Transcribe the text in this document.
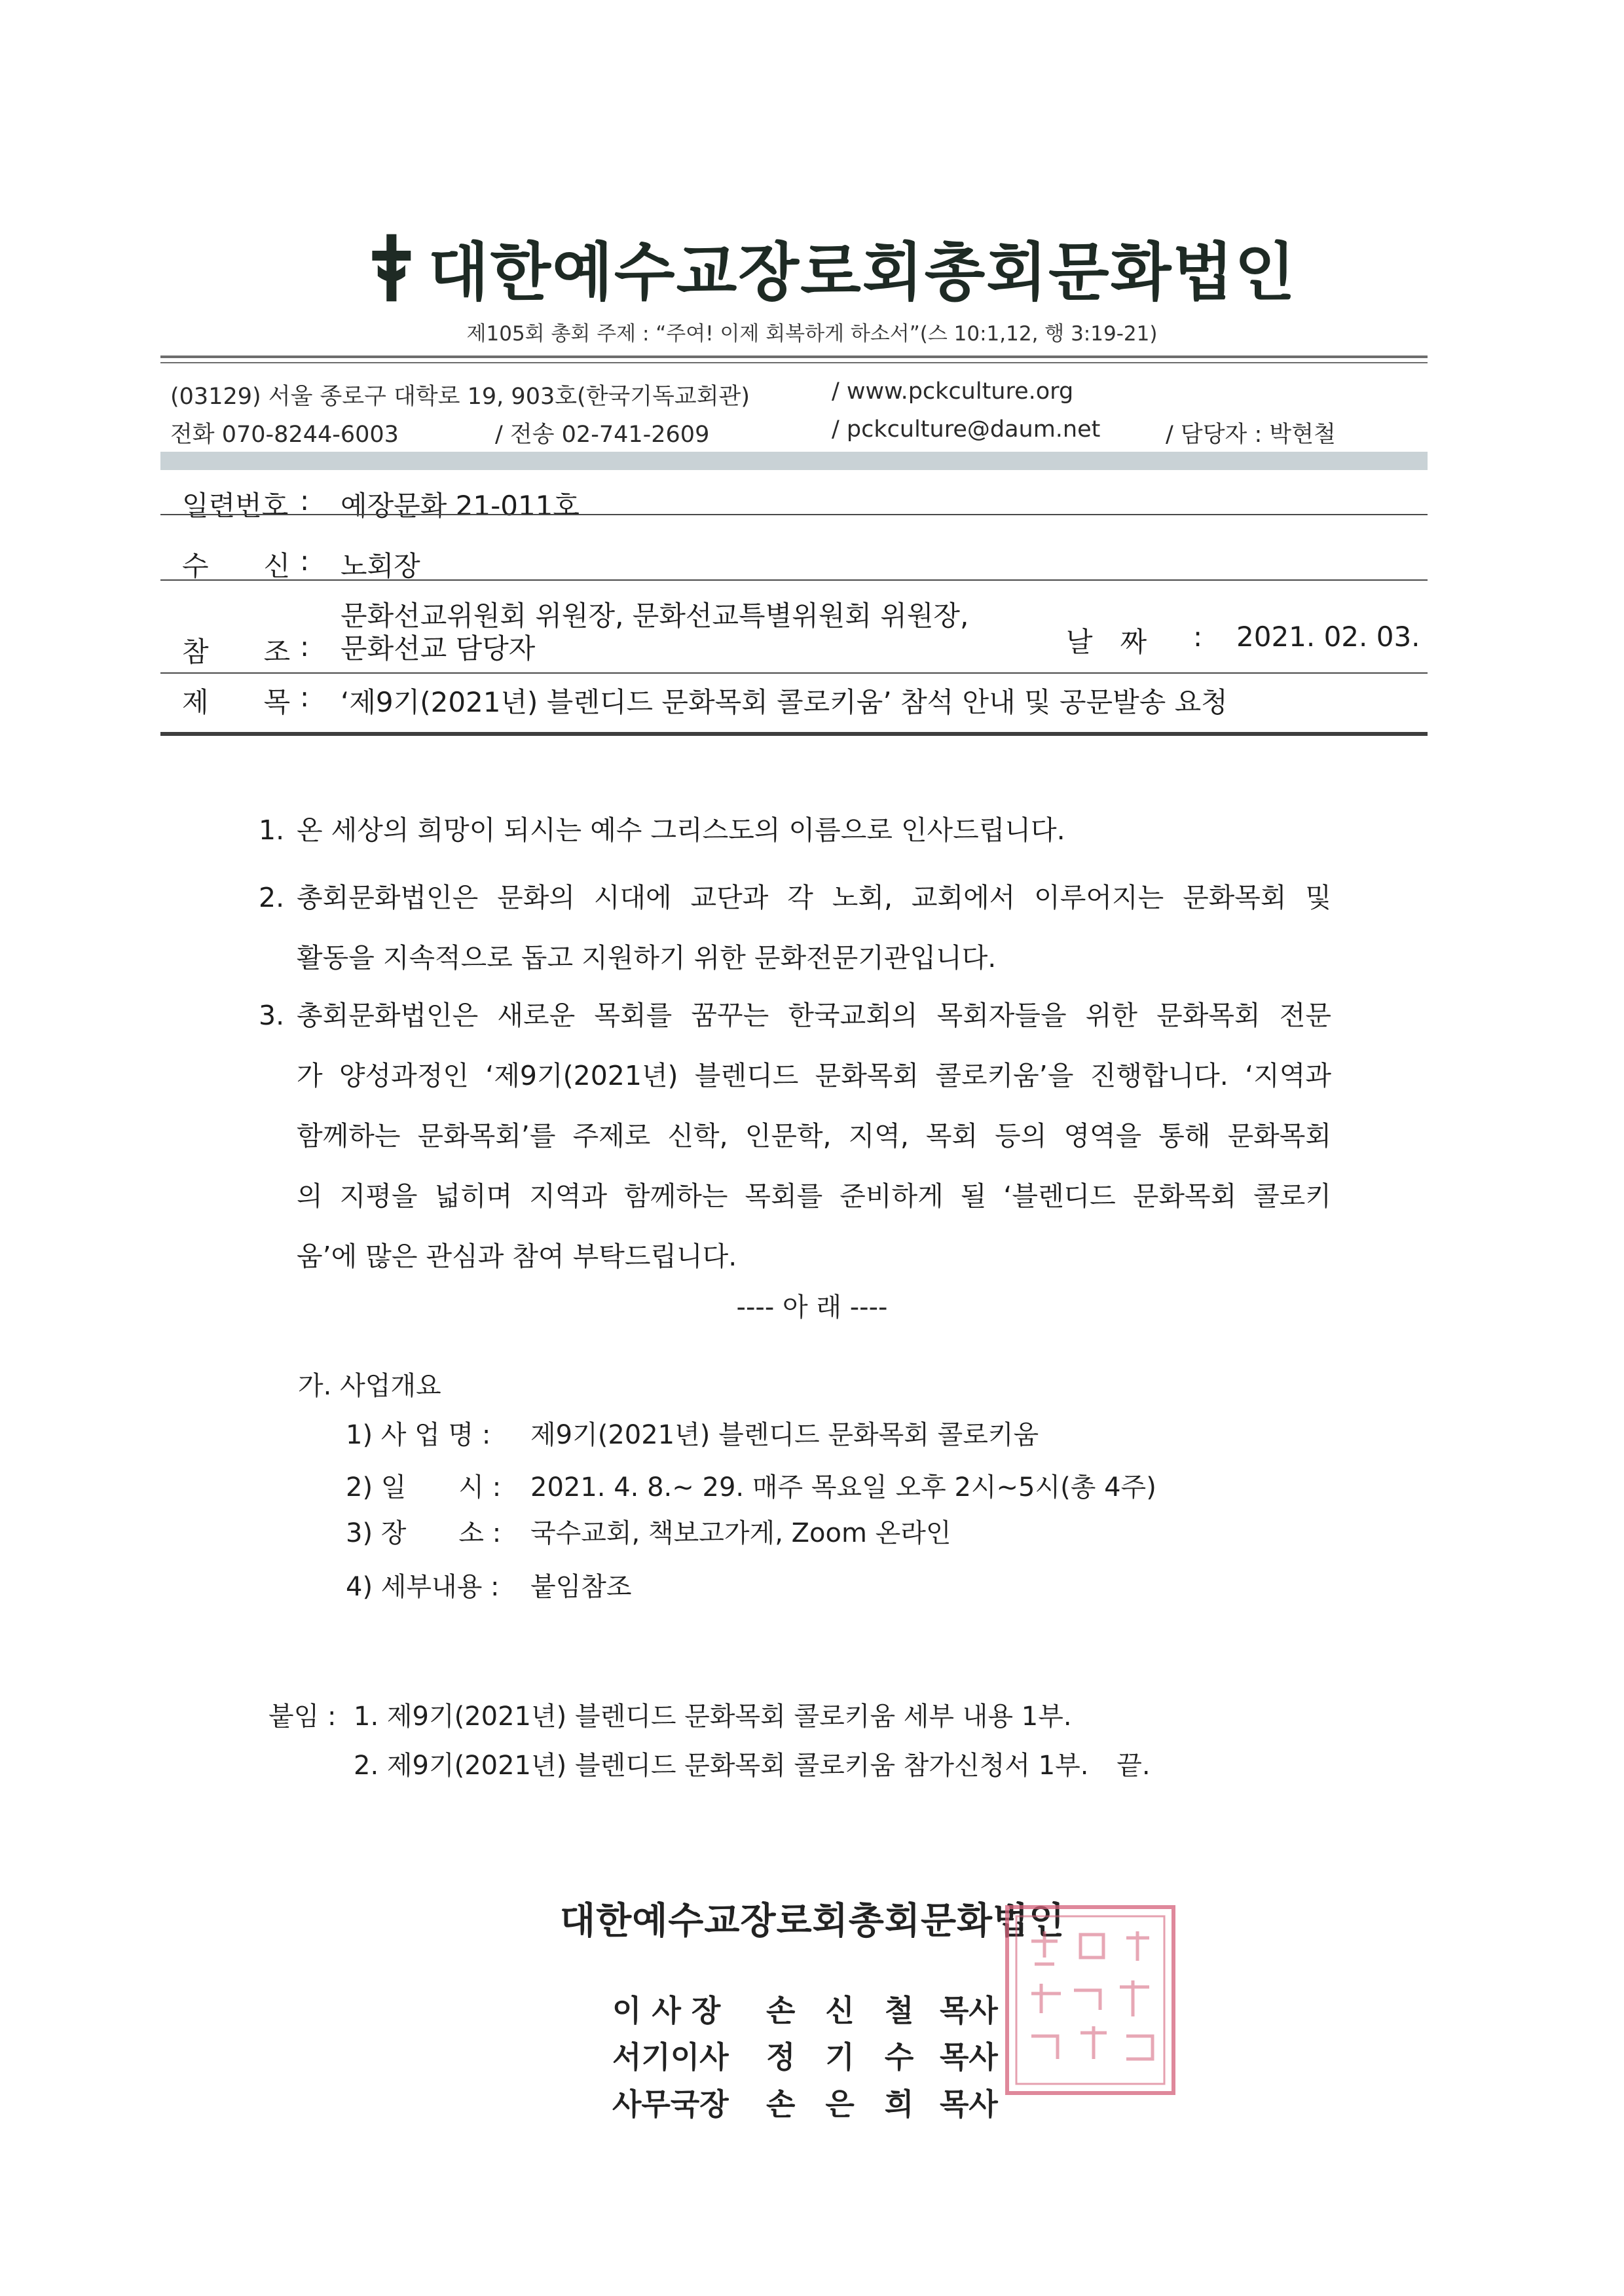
대한예수교장로회총회문화법인
제105회 총회 주제 : “주여! 이제 회복하게 하소서”(스 10:1,12, 행 3:19-21)
(03129) 서울 종로구 대학로 19, 903호(한국기독교회관)	/ www.pckculture.org
전화 070-8244-6003	/ 전송 02-741-2609	/ pckculture@daum.net	/ 담당자 : 박현철
일련번호 : 예장문화 21-011호
수　　신 : 노회장
참　　조 :
문화선교위원회 위원장, 문화선교특별위원회 위원장,
문화선교 담당자	날　짜 : 2021. 02. 03.
제　　목 : ‘제9기(2021년) 블렌디드 문화목회 콜로키움’ 참석 안내 및 공문발송 요청
1. 온 세상의 희망이 되시는 예수 그리스도의 이름으로 인사드립니다.
2. 총회문화법인은 문화의 시대에 교단과 각 노회, 교회에서 이루어지는 문화목회 및
활동을 지속적으로 돕고 지원하기 위한 문화전문기관입니다.
3. 총회문화법인은 새로운 목회를 꿈꾸는 한국교회의 목회자들을 위한 문화목회 전문
가 양성과정인 ‘제9기(2021년) 블렌디드 문화목회 콜로키움’을 진행합니다. ‘지역과
함께하는 문화목회’를 주제로 신학, 인문학, 지역, 목회 등의 영역을 통해 문화목회
의 지평을 넓히며 지역과 함께하는 목회를 준비하게 될 ‘블렌디드 문화목회 콜로키
움’에 많은 관심과 참여 부탁드립니다.
---- 아 래 ----
가. 사업개요
1) 사 업 명 : 제9기(2021년) 블렌디드 문화목회 콜로키움
2) 일　　시 : 2021. 4. 8.~ 29. 매주 목요일 오후 2시~5시(총 4주)
3) 장　　소 : 국수교회, 책보고가게, Zoom 온라인
4) 세부내용 : 붙임참조
붙임 : 1. 제9기(2021년) 블렌디드 문화목회 콜로키움 세부 내용 1부.
2. 제9기(2021년) 블렌디드 문화목회 콜로키움 참가신청서 1부. 끝.
대한예수교장로회총회문화법인
이 사 장 손　신　철 목사
서기이사 정　기　수 목사
사무국장 손　은　희 목사
